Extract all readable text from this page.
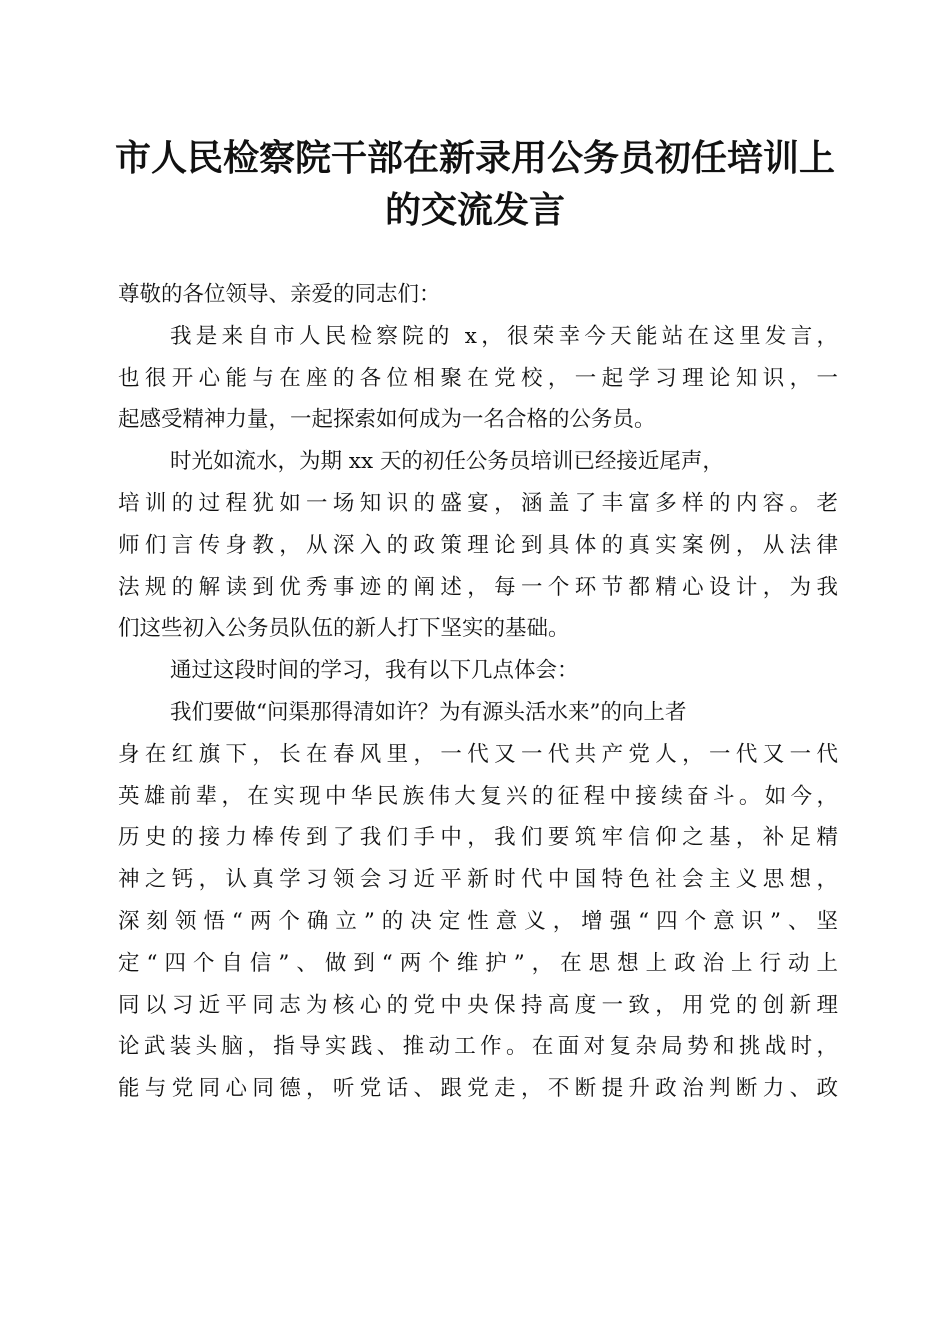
市人民检察院干部在新录用公务员初任培训上
的交流发言

尊敬的各位领导、亲爱的同志们：

我是来自市人民检察院的 x，很荣幸今天能站在这里发言，
也很开心能与在座的各位相聚在党校，一起学习理论知识，一
起感受精神力量，一起探索如何成为一名合格的公务员。

时光如流水，为期 xx 天的初任公务员培训已经接近尾声，
培训的过程犹如一场知识的盛宴，涵盖了丰富多样的内容。老
师们言传身教，从深入的政策理论到具体的真实案例，从法律
法规的解读到优秀事迹的阐述，每一个环节都精心设计，为我
们这些初入公务员队伍的新人打下坚实的基础。

通过这段时间的学习，我有以下几点体会：

我们要做“问渠那得清如许？为有源头活水来”的向上者
身在红旗下，长在春风里，一代又一代共产党人，一代又一代
英雄前辈，在实现中华民族伟大复兴的征程中接续奋斗。如今，
历史的接力棒传到了我们手中，我们要筑牢信仰之基，补足精
神之钙，认真学习领会习近平新时代中国特色社会主义思想，
深刻领悟“两个确立”的决定性意义，增强“四个意识”、坚
定“四个自信”、做到“两个维护”，在思想上政治上行动上
同以习近平同志为核心的党中央保持高度一致，用党的创新理
论武装头脑，指导实践、推动工作。在面对复杂局势和挑战时，
能与党同心同德，听党话、跟党走，不断提升政治判断力、政
